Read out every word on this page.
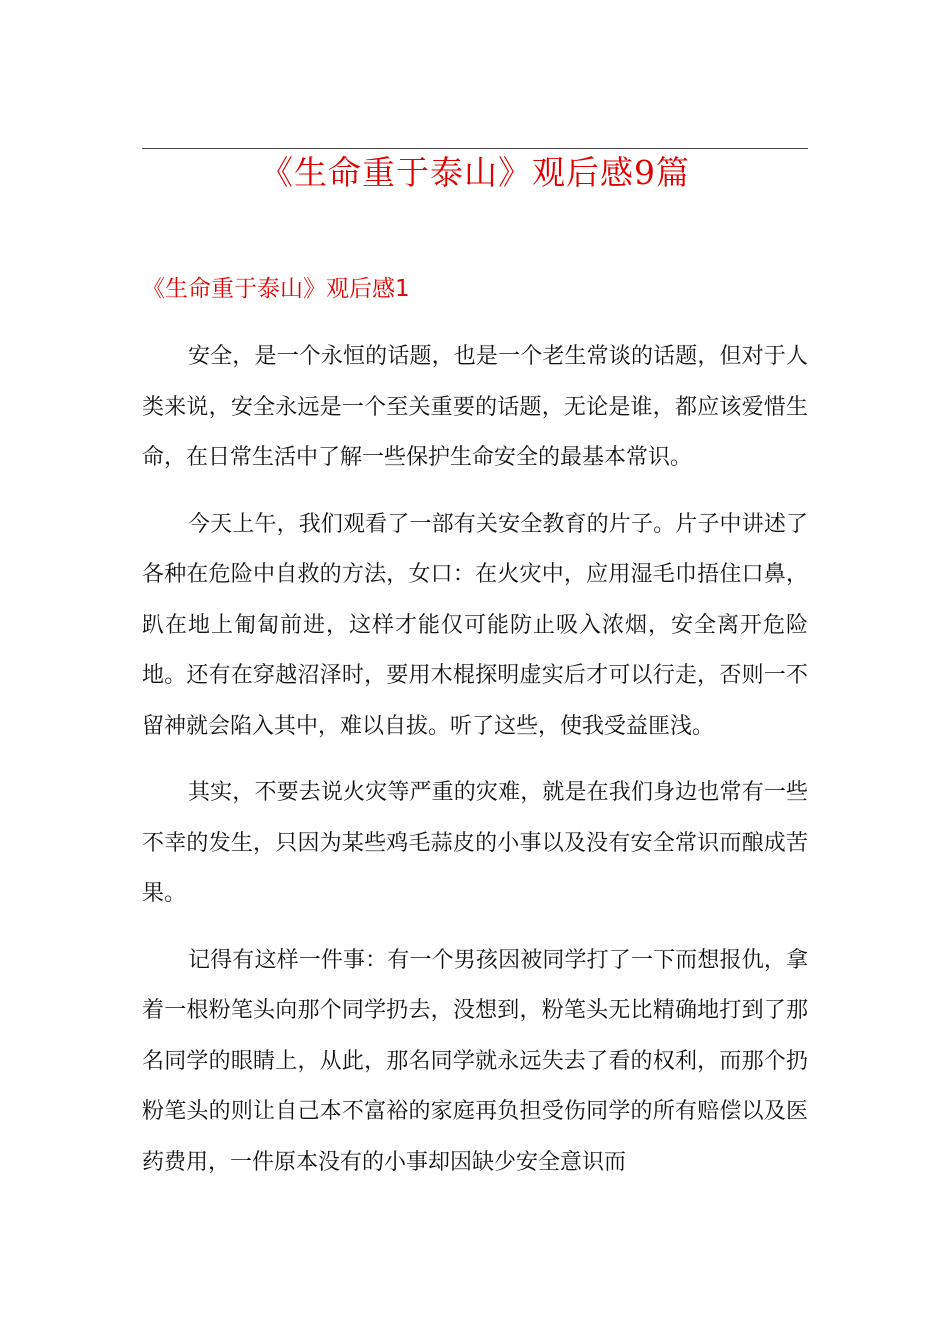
《生命重于泰山》观后感9篇
《生命重于泰山》观后感1

安全，是一个永恒的话题，也是一个老生常谈的话题，但对于人类来说，安全永远是一个至关重要的话题，无论是谁，都应该爱惜生命，在日常生活中了解一些保护生命安全的最基本常识。

今天上午，我们观看了一部有关安全教育的片子。片子中讲述了各种在危险中自救的方法，女口：在火灾中，应用湿毛巾捂住口鼻，趴在地上匍匐前进，这样才能仅可能防止吸入浓烟，安全离开危险地。还有在穿越沼泽时，要用木棍探明虚实后才可以行走，否则一不留神就会陷入其中，难以自拔。听了这些，使我受益匪浅。

其实，不要去说火灾等严重的灾难，就是在我们身边也常有一些不幸的发生，只因为某些鸡毛蒜皮的小事以及没有安全常识而酿成苦果。

记得有这样一件事：有一个男孩因被同学打了一下而想报仇，拿着一根粉笔头向那个同学扔去，没想到，粉笔头无比精确地打到了那名同学的眼睛上，从此，那名同学就永远失去了看的权利，而那个扔粉笔头的则让自己本不富裕的家庭再负担受伤同学的所有赔偿以及医药费用，一件原本没有的小事却因缺少安全意识而
